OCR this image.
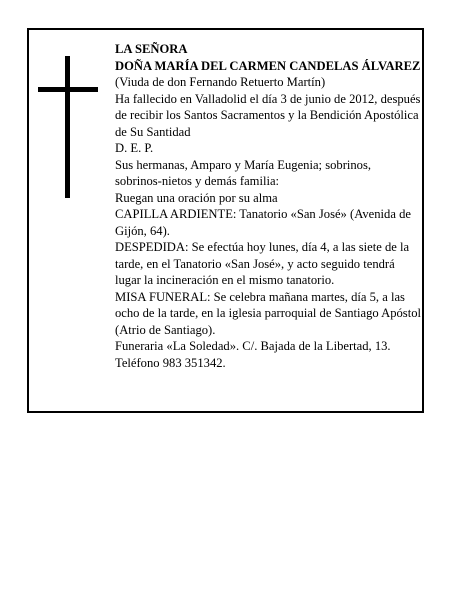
LA SEÑORA

DOÑA MARÍA DEL CARMEN CANDELAS ÁLVAREZ

(Viuda de don Fernando Retuerto Martín)

Ha fallecido en Valladolid el día 3 de junio de 2012, después de recibir los Santos Sacramentos y la Bendición Apostólica de Su Santidad

D. E. P.

Sus hermanas, Amparo y María Eugenia; sobrinos, sobrinos-nietos y demás familia:

Ruegan una oración por su alma

CAPILLA ARDIENTE: Tanatorio «San José» (Avenida de Gijón, 64).

DESPEDIDA: Se efectúa hoy lunes, día 4, a las siete de la tarde, en el Tanatorio «San José», y acto seguido tendrá lugar la incineración en el mismo tanatorio.

MISA FUNERAL: Se celebra mañana martes, día 5, a las ocho de la tarde, en la iglesia parroquial de Santiago Apóstol (Atrio de Santiago).

Funeraria «La Soledad». C/. Bajada de la Libertad, 13. Teléfono 983 351342.
